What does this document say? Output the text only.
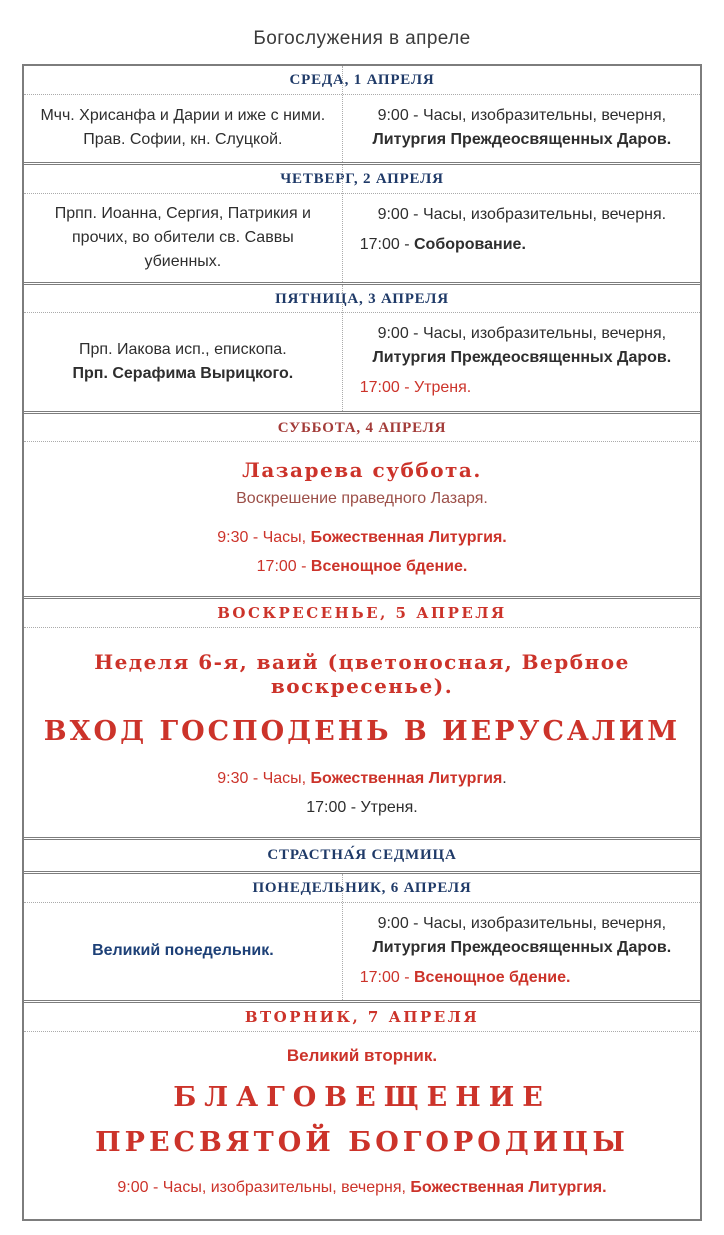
Богослужения в апреле
СРЕДА, 1 АПРЕЛЯ

Мчч. Хрисанфа и Дарии и иже с ними.
Прав. Софии, кн. Слуцкой.

9:00 - Часы, изобразительны, вечерня,
Литургия Преждеосвященных Даров.

ЧЕТВЕРГ, 2 АПРЕЛЯ

Прпп. Иоанна, Сергия, Патрикия и
прочих, во обители св. Саввы убиенных.

9:00 - Часы, изобразительны, вечерня.

17:00 - Соборование.

ПЯТНИЦА, 3 АПРЕЛЯ

Прп. Иакова исп., епископа.
Прп. Серафима Вырицкого.

9:00 - Часы, изобразительны, вечерня,
Литургия Преждеосвященных Даров.

17:00 - Утреня.

СУББОТА, 4 АПРЕЛЯ

Лазарева суббота.

Воскрешение праведного Лазаря.

9:30 - Часы, Божественная Литургия.

17:00 - Всенощное бдение.

ВОСКРЕСЕНЬЕ, 5 АПРЕЛЯ

Неделя 6-я, ваий (цветоносная, Вербное воскресенье).

ВХОД ГОСПОДЕНЬ В ИЕРУСАЛИМ

9:30 - Часы, Божественная Литургия.

17:00 - Утреня.

СТРАСТНА́Я СЕДМИЦА
ПОНЕДЕЛЬНИК, 6 АПРЕЛЯ

Великий понедельник.

9:00 - Часы, изобразительны, вечерня,
Литургия Преждеосвященных Даров.

17:00 - Всенощное бдение.

ВТОРНИК, 7 АПРЕЛЯ

Великий вторник.

БЛАГОВЕЩЕНИЕ

ПРЕСВЯТОЙ БОГОРОДИЦЫ

9:00 - Часы, изобразительны, вечерня, Божественная Литургия.
